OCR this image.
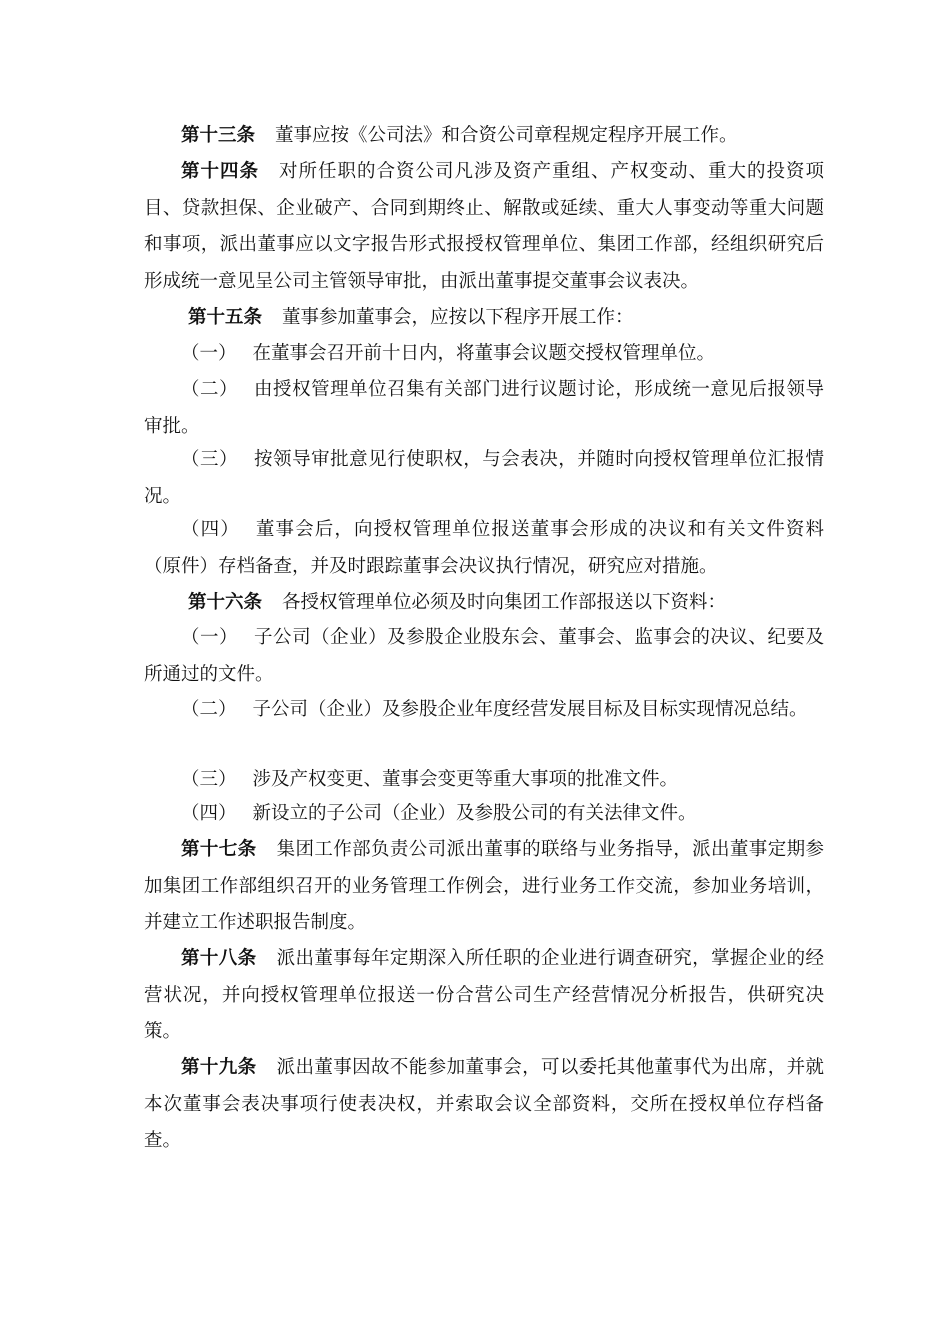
第十三条 董事应按《公司法》和合资公司章程规定程序开展工作。

第十四条 对所任职的合资公司凡涉及资产重组、产权变动、重大的投资项目、贷款担保、企业破产、合同到期终止、解散或延续、重大人事变动等重大问题和事项，派出董事应以文字报告形式报授权管理单位、集团工作部，经组织研究后形成统一意见呈公司主管领导审批，由派出董事提交董事会议表决。

第十五条 董事参加董事会，应按以下程序开展工作：

（一） 在董事会召开前十日内，将董事会议题交授权管理单位。

（二） 由授权管理单位召集有关部门进行议题讨论，形成统一意见后报领导审批。

（三） 按领导审批意见行使职权，与会表决，并随时向授权管理单位汇报情况。

（四） 董事会后，向授权管理单位报送董事会形成的决议和有关文件资料（原件）存档备查，并及时跟踪董事会决议执行情况，研究应对措施。

第十六条 各授权管理单位必须及时向集团工作部报送以下资料：

（一） 子公司（企业）及参股企业股东会、董事会、监事会的决议、纪要及所通过的文件。

（二） 子公司（企业）及参股企业年度经营发展目标及目标实现情况总结。

（三） 涉及产权变更、董事会变更等重大事项的批准文件。

（四） 新设立的子公司（企业）及参股公司的有关法律文件。

第十七条 集团工作部负责公司派出董事的联络与业务指导，派出董事定期参加集团工作部组织召开的业务管理工作例会，进行业务工作交流，参加业务培训，并建立工作述职报告制度。

第十八条 派出董事每年定期深入所任职的企业进行调查研究，掌握企业的经营状况，并向授权管理单位报送一份合营公司生产经营情况分析报告，供研究决策。

第十九条 派出董事因故不能参加董事会，可以委托其他董事代为出席，并就本次董事会表决事项行使表决权，并索取会议全部资料，交所在授权单位存档备查。
